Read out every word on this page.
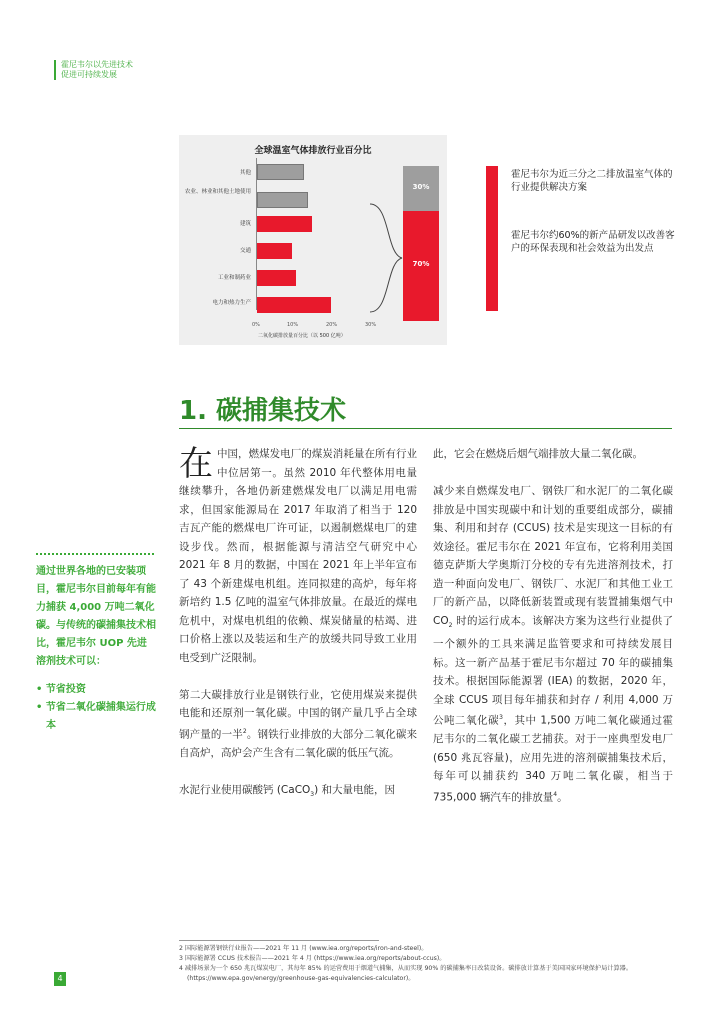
霍尼韦尔以先进技术
促进可持续发展
全球温室气体排放行业百分比
其他
农业、林业和其他土地使用
建筑
交通
工业和制药业
电力和热力生产
0%	10%	20%	30%
二氧化碳排放量百分比（以 500 亿吨）
30%
70%
霍尼韦尔为近三分之二排放温室气体的行业提供解决方案
霍尼韦尔约60%的新产品研发以改善客户的环保表现和社会效益为出发点
1. 碳捕集技术

在中国，燃煤发电厂的煤炭消耗量在所有行业中位居第一。虽然 2010 年代整体用电量继续攀升，各地仍新建燃煤发电厂以满足用电需求，但国家能源局在 2017 年取消了相当于 120 吉瓦产能的燃煤电厂许可证，以遏制燃煤电厂的建设步伐。然而，根据能源与清洁空气研究中心 2021 年 8 月的数据，中国在 2021 年上半年宣布了 43 个新建煤电机组。连同拟建的高炉，每年将新培约 1.5 亿吨的温室气体排放量。在最近的煤电危机中，对煤电机组的依赖、煤炭储量的枯竭、进口价格上涨以及装运和生产的放缓共同导致工业用电受到广泛限制。

第二大碳排放行业是钢铁行业，它使用煤炭来提供电能和还原剂一氧化碳。中国的钢产量几乎占全球钢产量的一半$^2$。钢铁行业排放的大部分二氧化碳来自高炉，高炉会产生含有二氧化碳的低压气流。

水泥行业使用碳酸钙 (CaCO$_3$) 和大量电能，因

此，它会在燃烧后烟气端排放大量二氧化碳。

减少来自燃煤发电厂、钢铁厂和水泥厂的二氧化碳排放是中国实现碳中和计划的重要组成部分，碳捕集、利用和封存 (CCUS) 技术是实现这一目标的有效途径。霍尼韦尔在 2021 年宣布，它将利用美国德克萨斯大学奥斯汀分校的专有先进溶剂技术，打造一种面向发电厂、钢铁厂、水泥厂和其他工业工厂的新产品，以降低新装置或现有装置捕集烟气中 $CO_2$ 时的运行成本。该解决方案为这些行业提供了一个额外的工具来满足监管要求和可持续发展目标。这一新产品基于霍尼韦尔超过 70 年的碳捕集技术。根据国际能源署 (IEA) 的数据，2020 年，全球 CCUS 项目每年捕获和封存 / 利用 4,000 万公吨二氧化碳$^3$，其中 1,500 万吨二氧化碳通过霍尼韦尔的二氧化碳工艺捕获。对于一座典型发电厂 (650 兆瓦容量)，应用先进的溶剂碳捕集技术后，每年可以捕获约 340 万吨二氧化碳，相当于 735,000 辆汽车的排放量$^4$。

通过世界各地的已安装项目，霍尼韦尔目前每年有能力捕获 4,000 万吨二氧化碳。与传统的碳捕集技术相比，霍尼韦尔 UOP 先进溶剂技术可以：
• 节省投资
• 节省二氧化碳捕集运行成本
2 国际能源署钢铁行业报告——2021 年 11 月 (www.iea.org/reports/iron-and-steel)。
3 国际能源署 CCUS 技术报告——2021 年 4 月 (https://www.iea.org/reports/about-ccus)。
4 减排场景为一个 650 兆瓦煤炭电厂，其每年 85% 的运营费用于烟道气捕集，从而实现 90% 的碳捕集率日改装设备。碳排放计算基于美国国家环境保护局计算器。(https://www.epa.gov/energy/greenhouse-gas-equivalencies-calculator)。
4
